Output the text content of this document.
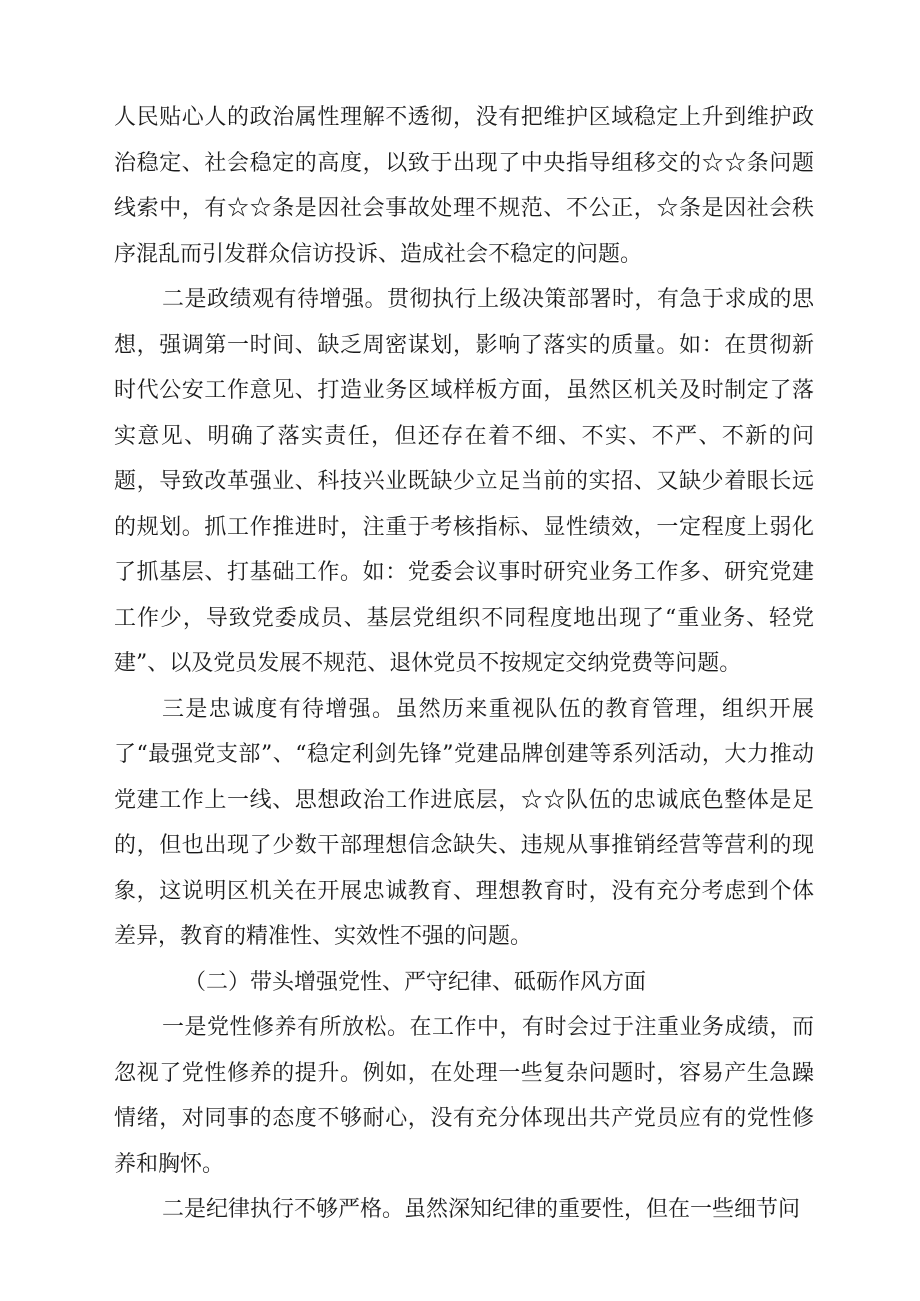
人民贴心人的政治属性理解不透彻，没有把维护区域稳定上升到维护政治稳定、社会稳定的高度，以致于出现了中央指导组移交的☆☆条问题线索中，有☆☆条是因社会事故处理不规范、不公正，☆条是因社会秩序混乱而引发群众信访投诉、造成社会不稳定的问题。

二是政绩观有待增强。贯彻执行上级决策部署时，有急于求成的思想，强调第一时间、缺乏周密谋划，影响了落实的质量。如：在贯彻新时代公安工作意见、打造业务区域样板方面，虽然区机关及时制定了落实意见、明确了落实责任，但还存在着不细、不实、不严、不新的问题，导致改革强业、科技兴业既缺少立足当前的实招、又缺少着眼长远的规划。抓工作推进时，注重于考核指标、显性绩效，一定程度上弱化了抓基层、打基础工作。如：党委会议事时研究业务工作多、研究党建工作少，导致党委成员、基层党组织不同程度地出现了“重业务、轻党建”、以及党员发展不规范、退休党员不按规定交纳党费等问题。

三是忠诚度有待增强。虽然历来重视队伍的教育管理，组织开展了“最强党支部”、“稳定利剑先锋”党建品牌创建等系列活动，大力推动党建工作上一线、思想政治工作进底层，☆☆队伍的忠诚底色整体是足的，但也出现了少数干部理想信念缺失、违规从事推销经营等营利的现象，这说明区机关在开展忠诚教育、理想教育时，没有充分考虑到个体差异，教育的精准性、实效性不强的问题。

（二）带头增强党性、严守纪律、砥砺作风方面

一是党性修养有所放松。在工作中，有时会过于注重业务成绩，而忽视了党性修养的提升。例如，在处理一些复杂问题时，容易产生急躁情绪，对同事的态度不够耐心，没有充分体现出共产党员应有的党性修养和胸怀。

二是纪律执行不够严格。虽然深知纪律的重要性，但在一些细节问
